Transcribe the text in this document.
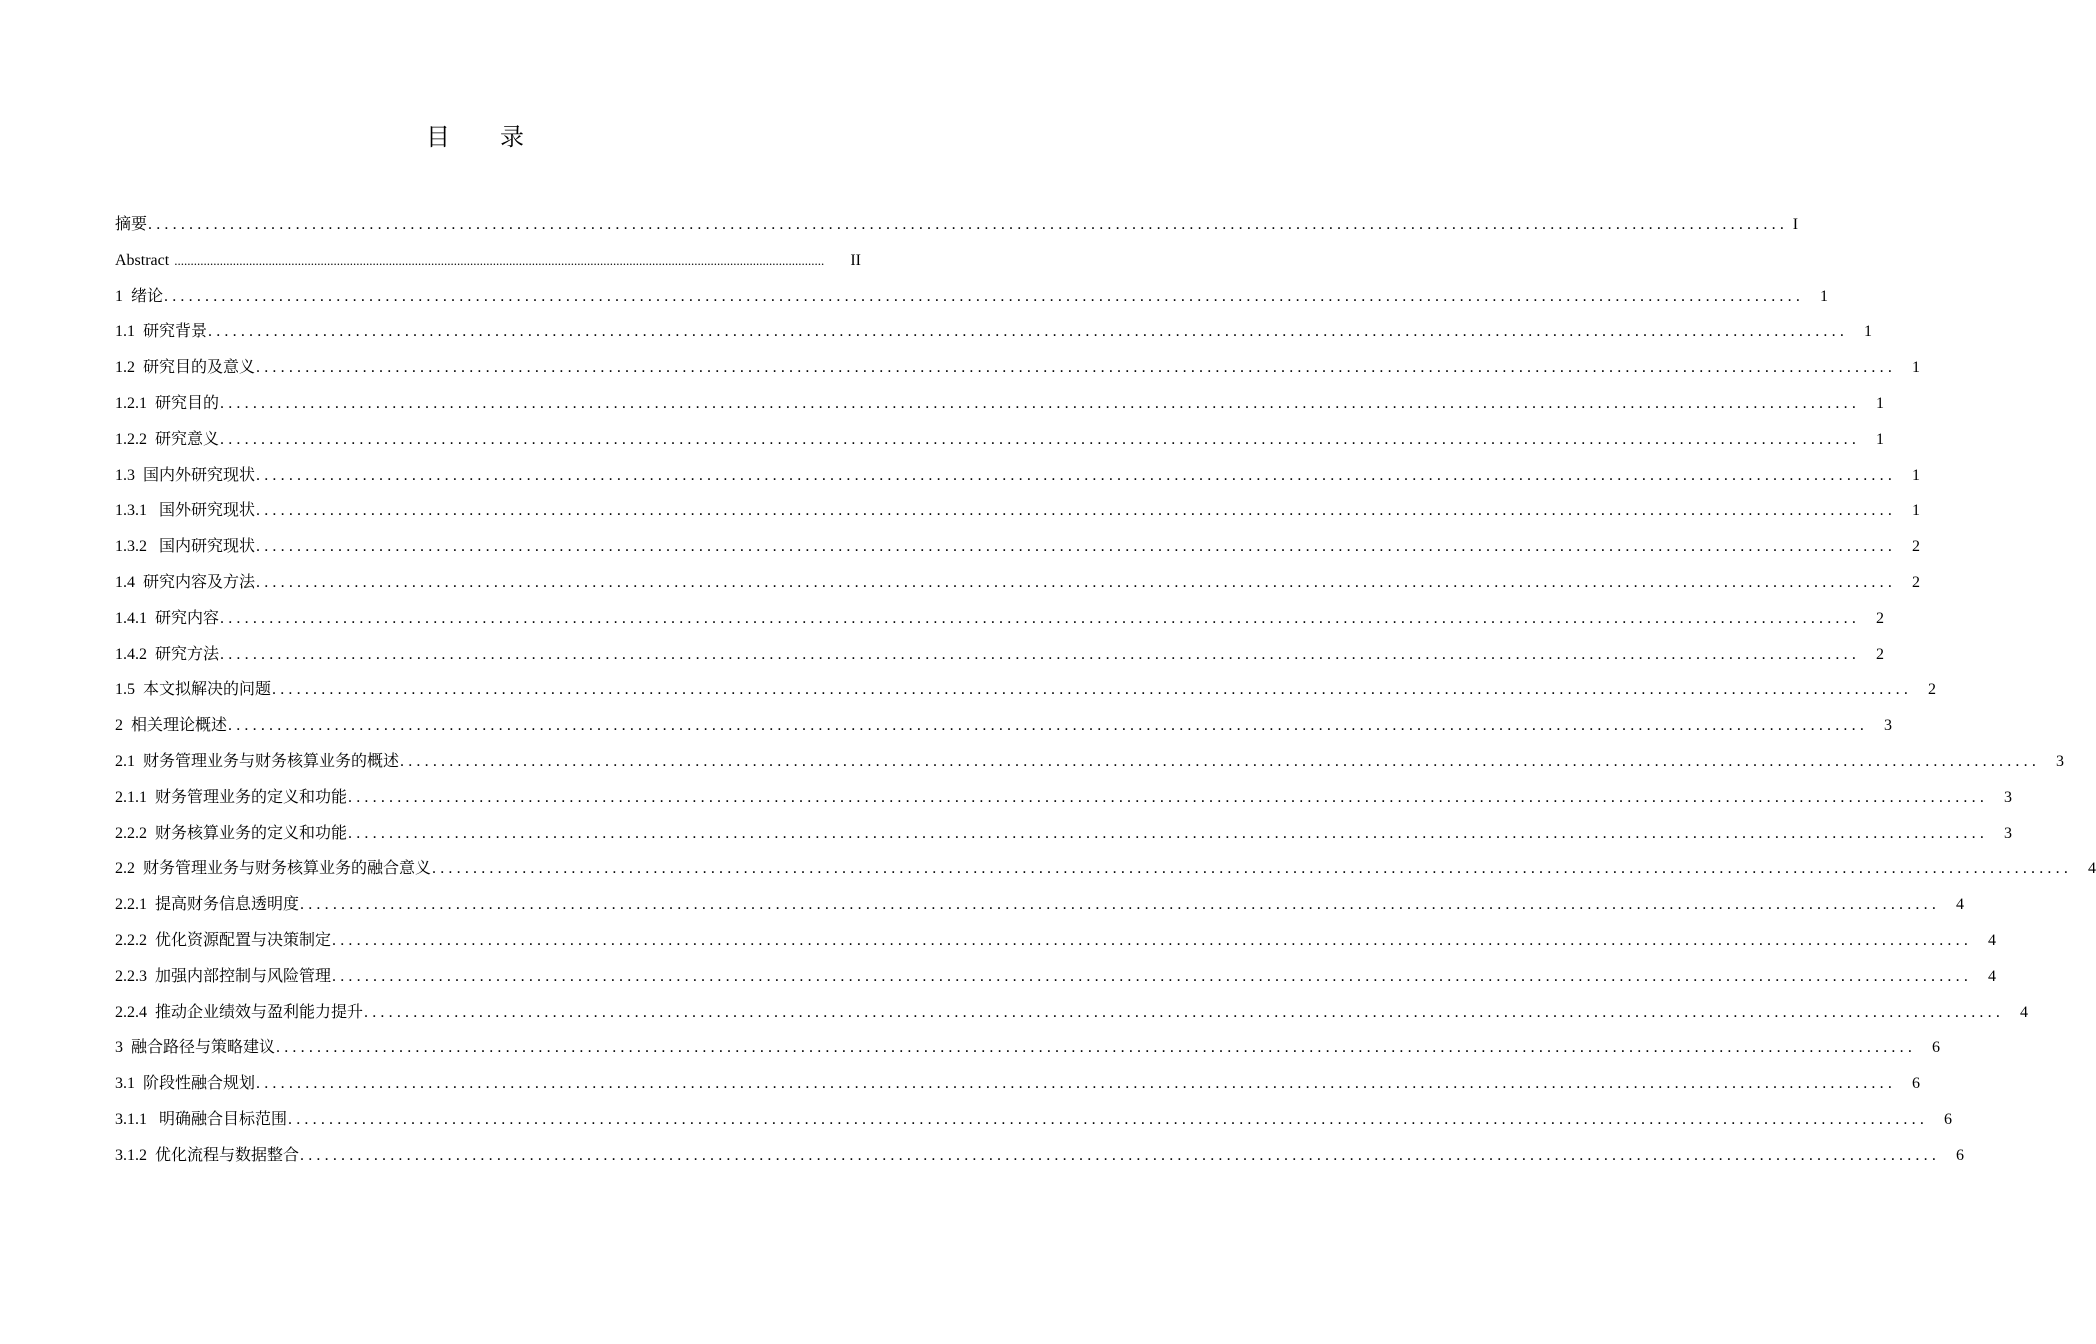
目 录
摘要 ........................................................................................................................................................................................................ I
Abstract ........................................................................................................................................................................................................	II
1 绪论 ........................................................................................................................................................................................................ 1
1.1 研究背景 ........................................................................................................................................................................................................ 1
1.2 研究目的及意义 ........................................................................................................................................................................................................ 1
1.2.1 研究目的 ........................................................................................................................................................................................................ 1
1.2.2 研究意义 ........................................................................................................................................................................................................ 1
1.3 国内外研究现状 ........................................................................................................................................................................................................ 1
1.3.1 国外研究现状 ........................................................................................................................................................................................................ 1
1.3.2 国内研究现状 ........................................................................................................................................................................................................ 2
1.4 研究内容及方法 ........................................................................................................................................................................................................ 2
1.4.1 研究内容 ........................................................................................................................................................................................................ 2
1.4.2 研究方法 ........................................................................................................................................................................................................ 2
1.5 本文拟解决的问题 ........................................................................................................................................................................................................ 2
2 相关理论概述 ........................................................................................................................................................................................................ 3
2.1 财务管理业务与财务核算业务的概述 ........................................................................................................................................................................................................ 3
2.1.1 财务管理业务的定义和功能 ........................................................................................................................................................................................................ 3
2.2.2 财务核算业务的定义和功能 ........................................................................................................................................................................................................ 3
2.2 财务管理业务与财务核算业务的融合意义 ........................................................................................................................................................................................................ 4
2.2.1 提高财务信息透明度 ........................................................................................................................................................................................................ 4
2.2.2 优化资源配置与决策制定 ........................................................................................................................................................................................................ 4
2.2.3 加强内部控制与风险管理 ........................................................................................................................................................................................................ 4
2.2.4 推动企业绩效与盈利能力提升 ........................................................................................................................................................................................................ 4
3 融合路径与策略建议 ........................................................................................................................................................................................................ 6
3.1 阶段性融合规划 ........................................................................................................................................................................................................ 6
3.1.1 明确融合目标范围 ........................................................................................................................................................................................................ 6
3.1.2 优化流程与数据整合 ........................................................................................................................................................................................................ 6
